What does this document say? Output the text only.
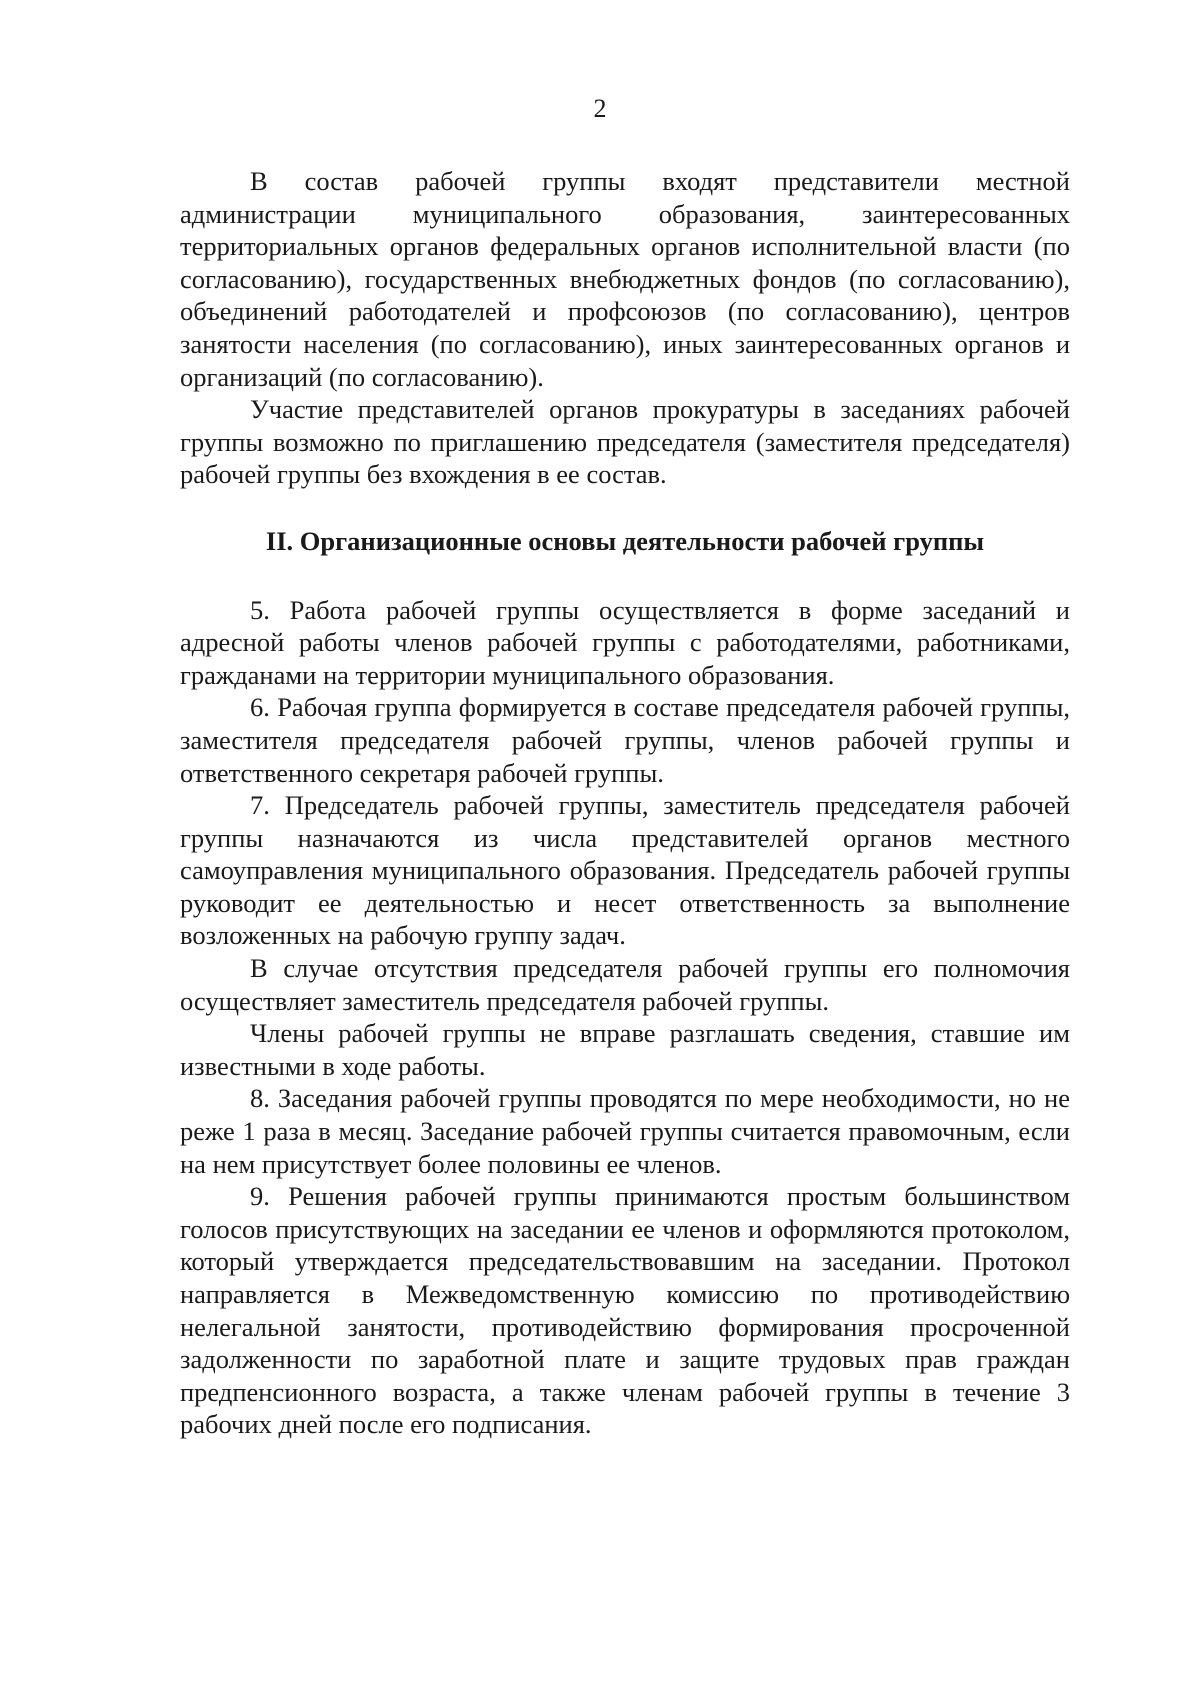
2

В состав рабочей группы входят представители местной администрации муниципального образования, заинтересованных территориальных органов федеральных органов исполнительной власти (по согласованию), государственных внебюджетных фондов (по согласованию), объединений работодателей и профсоюзов (по согласованию), центров занятости населения (по согласованию), иных заинтересованных органов и организаций (по согласованию).

Участие представителей органов прокуратуры в заседаниях рабочей группы возможно по приглашению председателя (заместителя председателя) рабочей группы без вхождения в ее состав.

II. Организационные основы деятельности рабочей группы

5. Работа рабочей группы осуществляется в форме заседаний и адресной работы членов рабочей группы с работодателями, работниками, гражданами на территории муниципального образования.

6. Рабочая группа формируется в составе председателя рабочей группы, заместителя председателя рабочей группы, членов рабочей группы и ответственного секретаря рабочей группы.

7. Председатель рабочей группы, заместитель председателя рабочей группы назначаются из числа представителей органов местного самоуправления муниципального образования. Председатель рабочей группы руководит ее деятельностью и несет ответственность за выполнение возложенных на рабочую группу задач.

В случае отсутствия председателя рабочей группы его полномочия осуществляет заместитель председателя рабочей группы.

Члены рабочей группы не вправе разглашать сведения, ставшие им известными в ходе работы.

8. Заседания рабочей группы проводятся по мере необходимости, но не реже 1 раза в месяц. Заседание рабочей группы считается правомочным, если на нем присутствует более половины ее членов.

9. Решения рабочей группы принимаются простым большинством голосов присутствующих на заседании ее членов и оформляются протоколом, который утверждается председательствовавшим на заседании. Протокол направляется в Межведомственную комиссию по противодействию нелегальной занятости, противодействию формирования просроченной задолженности по заработной плате и защите трудовых прав граждан предпенсионного возраста, а также членам рабочей группы в течение 3 рабочих дней после его подписания.
